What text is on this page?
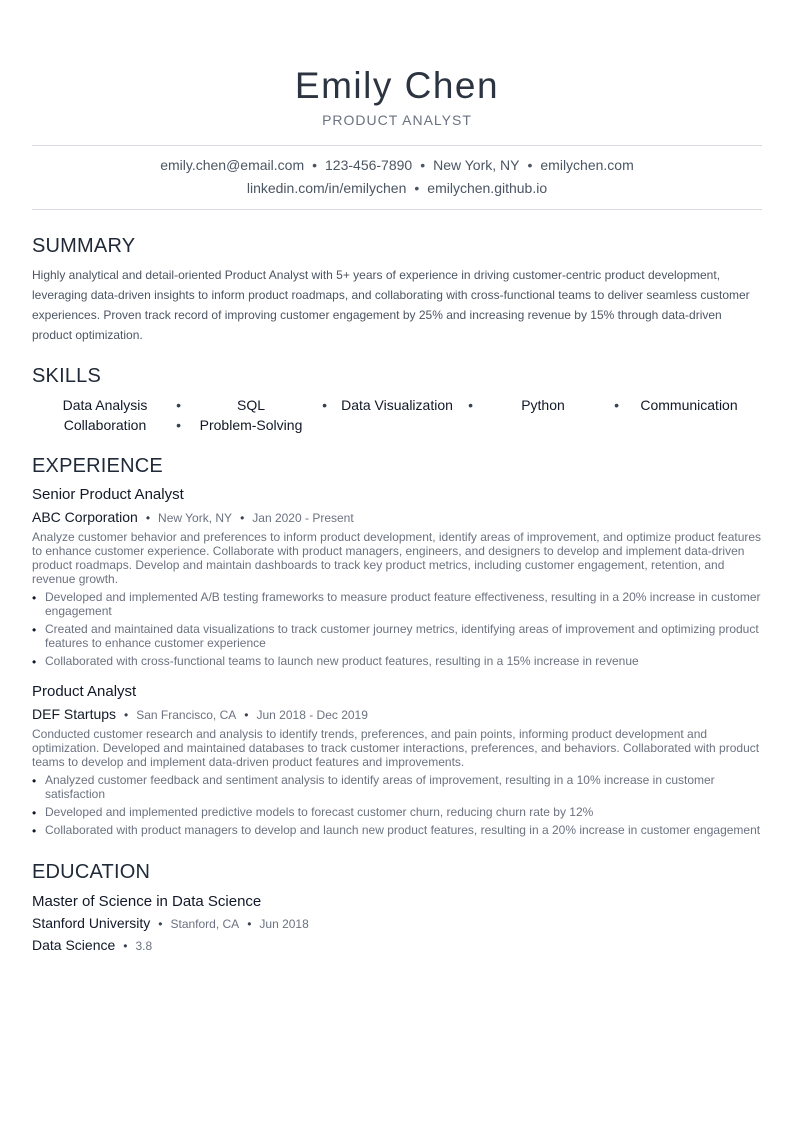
Emily Chen
PRODUCT ANALYST
emily.chen@email.com • 123-456-7890 • New York, NY • emilychen.com
linkedin.com/in/emilychen • emilychen.github.io
SUMMARY
Highly analytical and detail-oriented Product Analyst with 5+ years of experience in driving customer-centric product development, leveraging data-driven insights to inform product roadmaps, and collaborating with cross-functional teams to deliver seamless customer experiences. Proven track record of improving customer engagement by 25% and increasing revenue by 15% through data-driven product optimization.
SKILLS
Data Analysis •	SQL	•	Data Visualization •	Python	•	Communication
Collaboration •	Problem-Solving
EXPERIENCE
Senior Product Analyst
ABC Corporation • New York, NY • Jan 2020 - Present
Analyze customer behavior and preferences to inform product development, identify areas of improvement, and optimize product features to enhance customer experience. Collaborate with product managers, engineers, and designers to develop and implement data-driven product roadmaps. Develop and maintain dashboards to track key product metrics, including customer engagement, retention, and revenue growth.
• Developed and implemented A/B testing frameworks to measure product feature effectiveness, resulting in a 20% increase in customer engagement
• Created and maintained data visualizations to track customer journey metrics, identifying areas of improvement and optimizing product features to enhance customer experience
• Collaborated with cross-functional teams to launch new product features, resulting in a 15% increase in revenue
Product Analyst
DEF Startups • San Francisco, CA • Jun 2018 - Dec 2019
Conducted customer research and analysis to identify trends, preferences, and pain points, informing product development and optimization. Developed and maintained databases to track customer interactions, preferences, and behaviors. Collaborated with product teams to develop and implement data-driven product features and improvements.
• Analyzed customer feedback and sentiment analysis to identify areas of improvement, resulting in a 10% increase in customer satisfaction
• Developed and implemented predictive models to forecast customer churn, reducing churn rate by 12%
• Collaborated with product managers to develop and launch new product features, resulting in a 20% increase in customer engagement
EDUCATION
Master of Science in Data Science
Stanford University • Stanford, CA • Jun 2018
Data Science • 3.8
